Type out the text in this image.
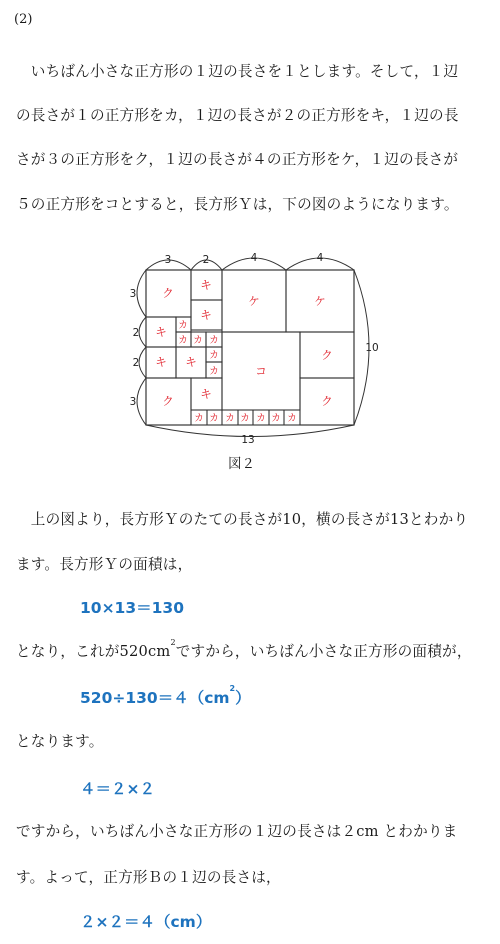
(2)
　いちばん小さな正方形の１辺の長さを１とします。そして，１辺
の長さが１の正方形をカ，１辺の長さが２の正方形をキ，１辺の長
さが３の正方形をク，１辺の長さが４の正方形をケ，１辺の長さが
５の正方形をコとすると，長方形Ｙは，下の図のようになります。
3	2	4	4
3
2
2
3
10
13
ク
キ
キ
ケ	ケ
キ
キ キ
コ
ク
ク
ク キ
カ
カ カ カ
カ
カ
カ カ カ カ カ カ カ
図２
　上の図より，長方形Ｙのたての長さが10，横の長さが13とわかり
ます。長方形Ｙの面積は，
10×13＝130
となり，これが$520cm^2$ですから，いちばん小さな正方形の面積が，
$520\div 130=4(cm^2)$
となります。
４＝２×２
ですから，いちばん小さな正方形の１辺の長さは２cm とわかりま
す。よって，正方形Ｂの１辺の長さは，
２×２＝４（cm）
